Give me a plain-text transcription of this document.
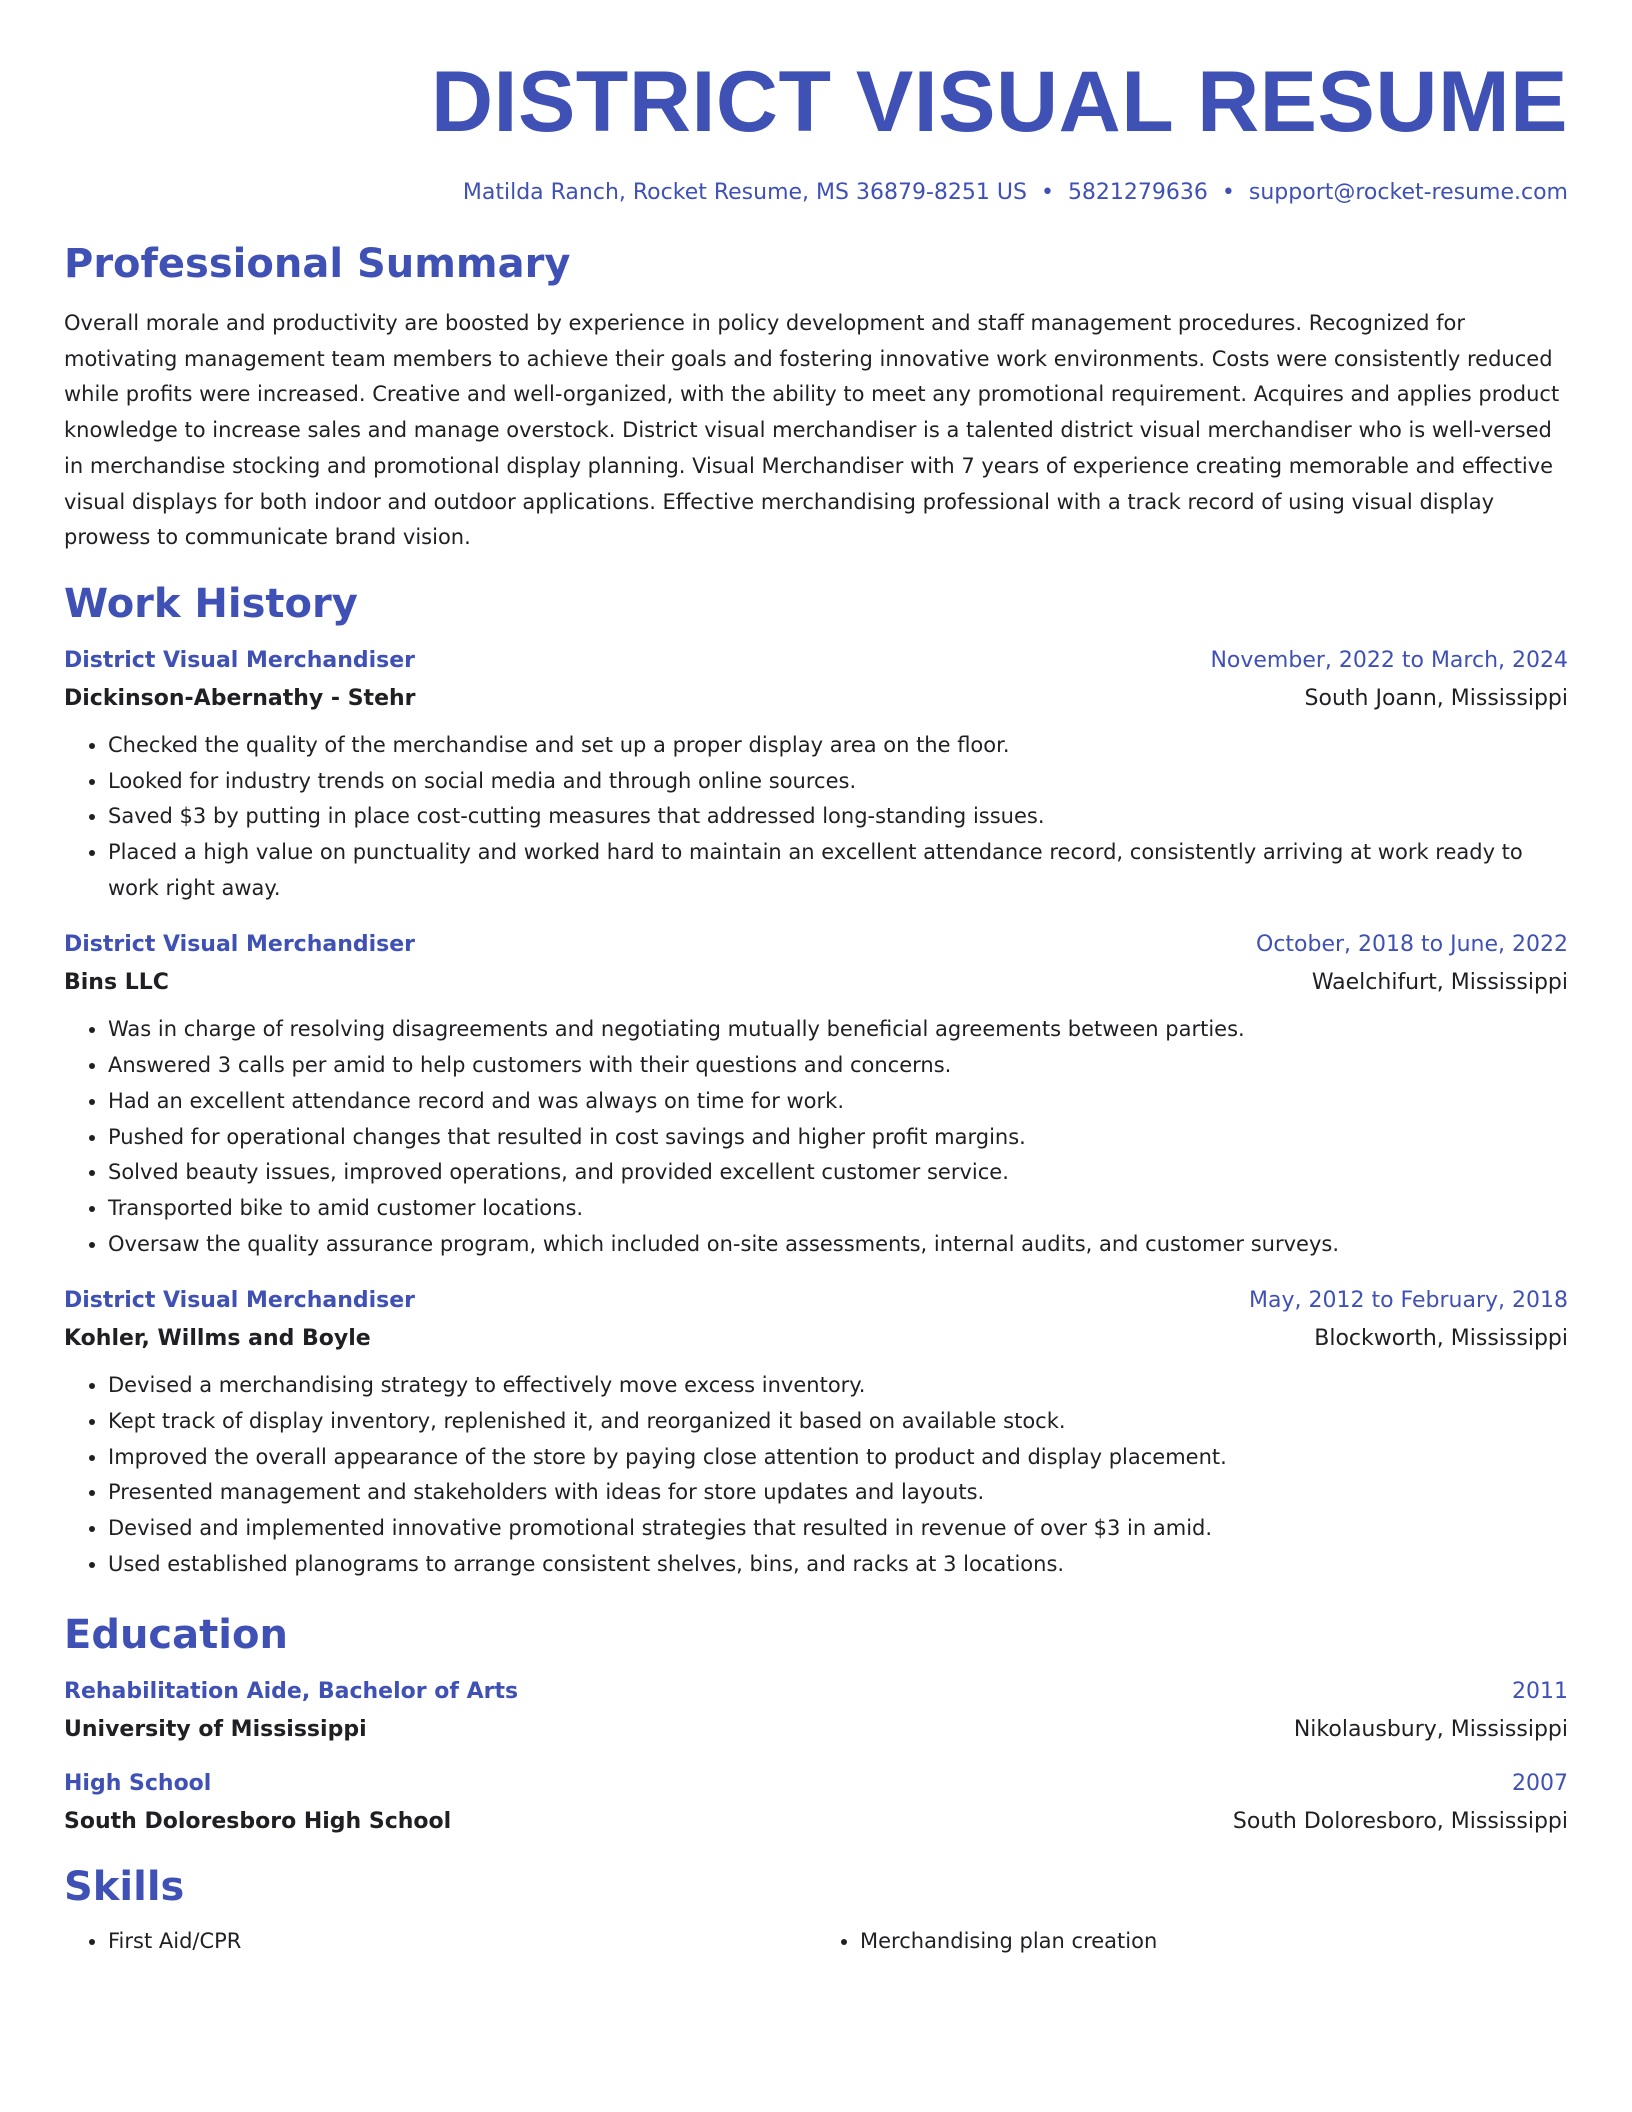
DISTRICT VISUAL RESUME
Matilda Ranch, Rocket Resume, MS 36879-8251 US • 5821279636 • support@rocket-resume.com
Professional Summary
Overall morale and productivity are boosted by experience in policy development and staff management procedures. Recognized for motivating management team members to achieve their goals and fostering innovative work environments. Costs were consistently reduced while profits were increased. Creative and well-organized, with the ability to meet any promotional requirement. Acquires and applies product knowledge to increase sales and manage overstock. District visual merchandiser is a talented district visual merchandiser who is well-versed in merchandise stocking and promotional display planning. Visual Merchandiser with 7 years of experience creating memorable and effective visual displays for both indoor and outdoor applications. Effective merchandising professional with a track record of using visual display prowess to communicate brand vision.
Work History
District Visual Merchandiser	November, 2022 to March, 2024
Dickinson-Abernathy - Stehr	South Joann, Mississippi
• Checked the quality of the merchandise and set up a proper display area on the floor.
• Looked for industry trends on social media and through online sources.
• Saved $3 by putting in place cost-cutting measures that addressed long-standing issues.
• Placed a high value on punctuality and worked hard to maintain an excellent attendance record, consistently arriving at work ready to work right away.
District Visual Merchandiser	October, 2018 to June, 2022
Bins LLC	Waelchifurt, Mississippi
• Was in charge of resolving disagreements and negotiating mutually beneficial agreements between parties.
• Answered 3 calls per amid to help customers with their questions and concerns.
• Had an excellent attendance record and was always on time for work.
• Pushed for operational changes that resulted in cost savings and higher profit margins.
• Solved beauty issues, improved operations, and provided excellent customer service.
• Transported bike to amid customer locations.
• Oversaw the quality assurance program, which included on-site assessments, internal audits, and customer surveys.
District Visual Merchandiser	May, 2012 to February, 2018
Kohler, Willms and Boyle	Blockworth, Mississippi
• Devised a merchandising strategy to effectively move excess inventory.
• Kept track of display inventory, replenished it, and reorganized it based on available stock.
• Improved the overall appearance of the store by paying close attention to product and display placement.
• Presented management and stakeholders with ideas for store updates and layouts.
• Devised and implemented innovative promotional strategies that resulted in revenue of over $3 in amid.
• Used established planograms to arrange consistent shelves, bins, and racks at 3 locations.
Education
Rehabilitation Aide, Bachelor of Arts	2011
University of Mississippi	Nikolausbury, Mississippi
High School	2007
South Doloresboro High School	South Doloresboro, Mississippi
Skills
• First Aid/CPR
•	Merchandising plan creation
